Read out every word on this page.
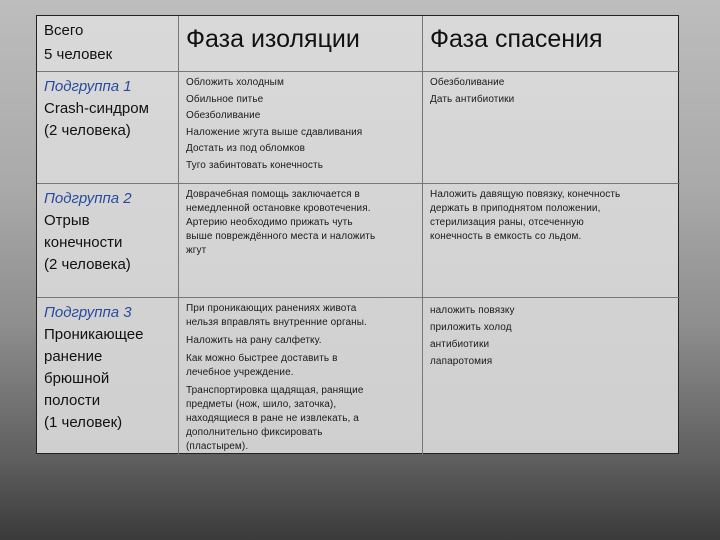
Всего
5 человек
Фаза изоляции	Фаза спасения
Подгруппа 1
Crash-синдром
(2 человека)
Обложить холодным
Обильное питье
Обезболивание
Наложение жгута выше сдавливания
Достать из под обломков
Туго забинтовать конечность
Обезболивание
Дать антибиотики
Подгруппа 2
Отрыв
конечности
(2 человека)
Доврачебная помощь заключается в
немедленной остановке кровотечения.
Артерию необходимо прижать чуть
выше повреждённого места и наложить
жгут
Наложить давящую повязку, конечность
держать в приподнятом положении,
стерилизация раны, отсеченную
конечность в емкость со льдом.
Подгруппа 3
Проникающее
ранение
брюшной
полости
(1 человек)
При проникающих ранениях живота
нельзя вправлять внутренние органы.
Наложить на рану салфетку.
Как можно быстрее доставить в
лечебное учреждение.
Транспортировка щадящая, ранящие
предметы (нож, шило, заточка),
находящиеся в ране не извлекать, а
дополнительно фиксировать
(пластырем).
наложить повязку
приложить холод
антибиотики
лапаротомия
